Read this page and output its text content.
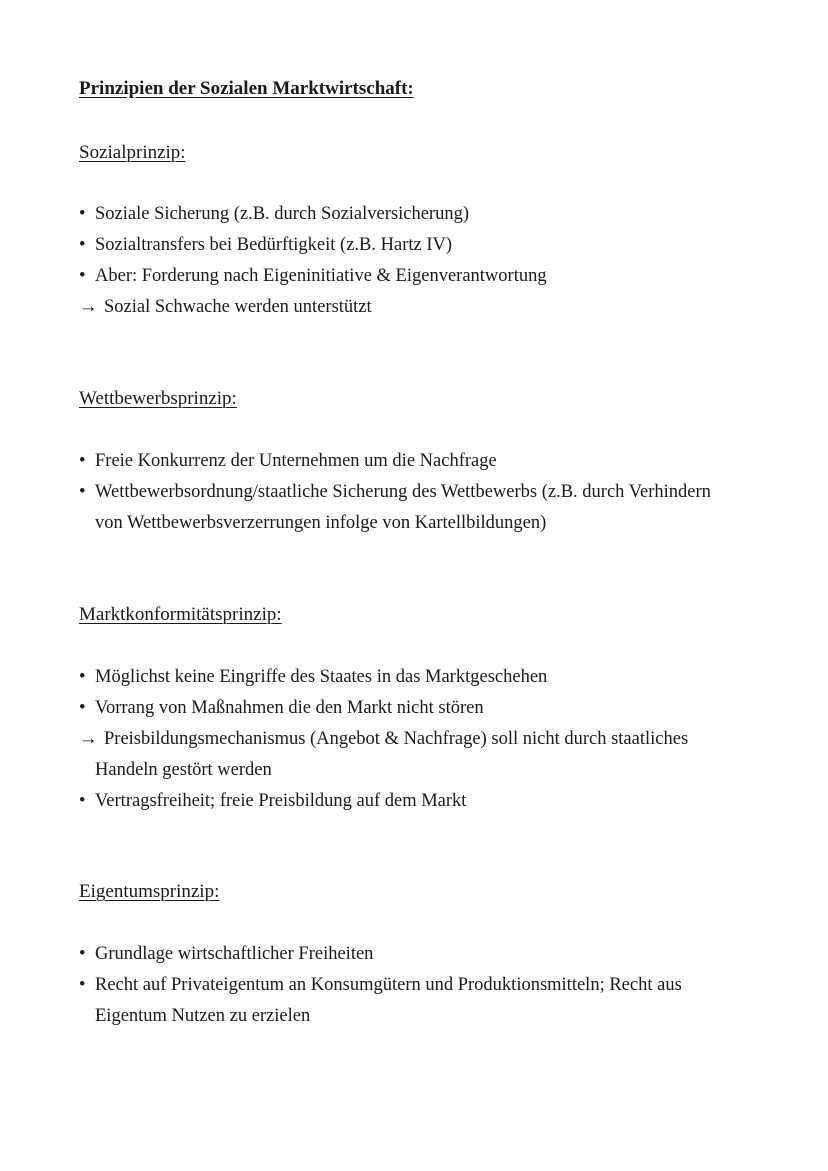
Prinzipien der Sozialen Marktwirtschaft:
Sozialprinzip:
• Soziale Sicherung (z.B. durch Sozialversicherung)
• Sozialtransfers bei Bedürftigkeit (z.B. Hartz IV)
• Aber: Forderung nach Eigeninitiative & Eigenverantwortung
→ Sozial Schwache werden unterstützt
Wettbewerbsprinzip:
• Freie Konkurrenz der Unternehmen um die Nachfrage
• Wettbewerbsordnung/staatliche Sicherung des Wettbewerbs (z.B. durch Verhindern
von Wettbewerbsverzerrungen infolge von Kartellbildungen)
Marktkonformitätsprinzip:
• Möglichst keine Eingriffe des Staates in das Marktgeschehen
• Vorrang von Maßnahmen die den Markt nicht stören
→ Preisbildungsmechanismus (Angebot & Nachfrage) soll nicht durch staatliches
Handeln gestört werden
• Vertragsfreiheit; freie Preisbildung auf dem Markt
Eigentumsprinzip:
• Grundlage wirtschaftlicher Freiheiten
• Recht auf Privateigentum an Konsumgütern und Produktionsmitteln; Recht aus
Eigentum Nutzen zu erzielen
